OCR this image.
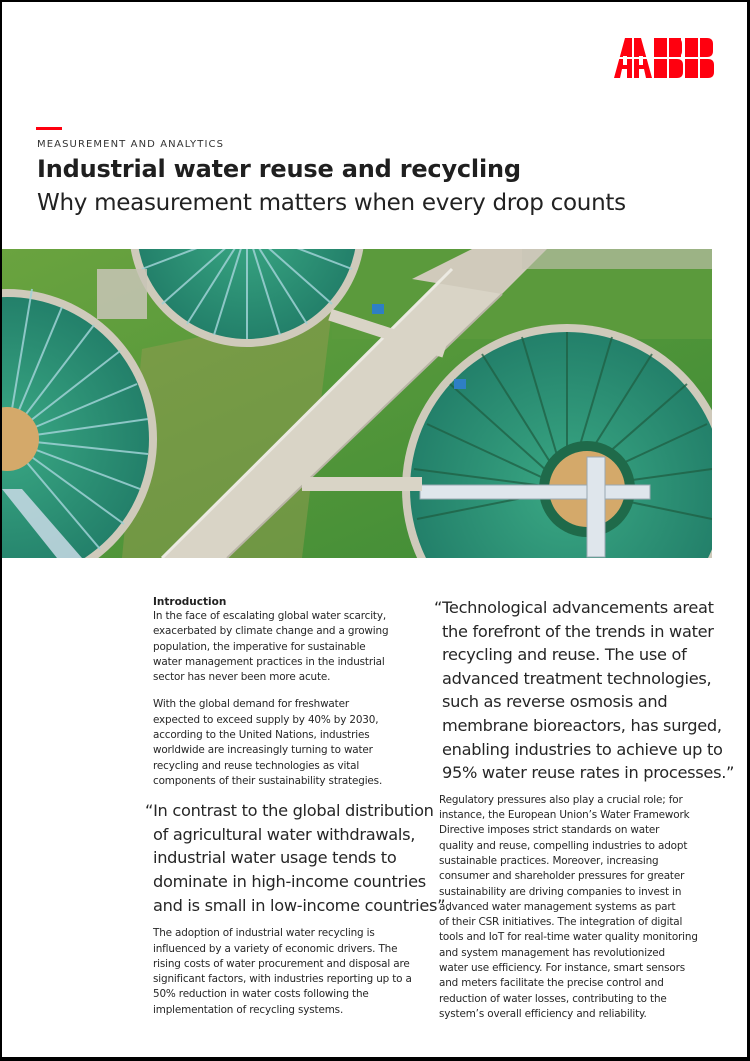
MEASUREMENT AND ANALYTICS
Industrial water reuse and recycling
Why measurement matters when every drop counts
Introduction

In the face of escalating global water scarcity,
exacerbated by climate change and a growing
population, the imperative for sustainable
water management practices in the industrial
sector has never been more acute.

With the global demand for freshwater
expected to exceed supply by 40% by 2030,
according to the United Nations, industries
worldwide are increasingly turning to water
recycling and reuse technologies as vital
components of their sustainability strategies.

“In contrast to the global distribution
of agricultural water withdrawals,
industrial water usage tends to
dominate in high-income countries
and is small in low-income countries”.

The adoption of industrial water recycling is
influenced by a variety of economic drivers. The
rising costs of water procurement and disposal are
significant factors, with industries reporting up to a
50% reduction in water costs following the
implementation of recycling systems.

“Technological advancements areat
the forefront of the trends in water
recycling and reuse. The use of
advanced treatment technologies,
such as reverse osmosis and
membrane bioreactors, has surged,
enabling industries to achieve up to
95% water reuse rates in processes.”

Regulatory pressures also play a crucial role; for
instance, the European Union’s Water Framework
Directive imposes strict standards on water
quality and reuse, compelling industries to adopt
sustainable practices. Moreover, increasing
consumer and shareholder pressures for greater
sustainability are driving companies to invest in
advanced water management systems as part
of their CSR initiatives. The integration of digital
tools and IoT for real-time water quality monitoring
and system management has revolutionized
water use efficiency. For instance, smart sensors
and meters facilitate the precise control and
reduction of water losses, contributing to the
system’s overall efficiency and reliability.
